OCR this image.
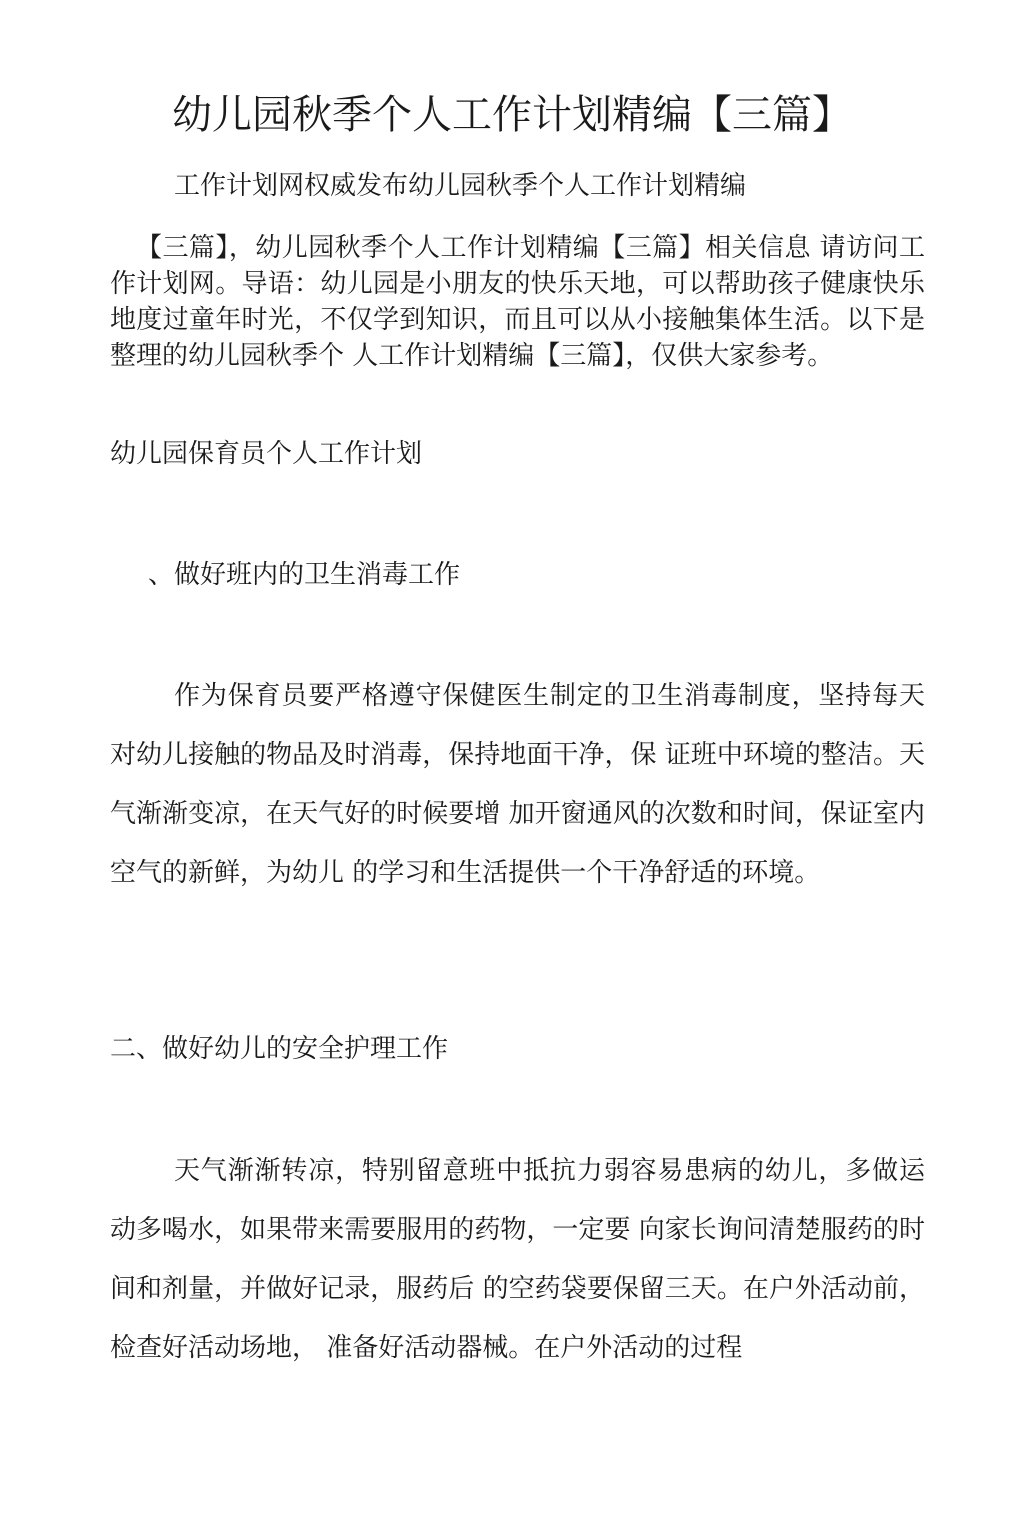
幼儿园秋季个人工作计划精编【三篇】

工作计划网权威发布幼儿园秋季个人工作计划精编

【三篇】，幼儿园秋季个人工作计划精编【三篇】相关信息 请访问工作计划网。导语：幼儿园是小朋友的快乐天地，可以帮助孩子健康快乐地度过童年时光，不仅学到知识，而且可以从小接触集体生活。以下是整理的幼儿园秋季个 人工作计划精编【三篇】，仅供大家参考。

幼儿园保育员个人工作计划

、做好班内的卫生消毒工作

作为保育员要严格遵守保健医生制定的卫生消毒制度，坚持每天对幼儿接触的物品及时消毒，保持地面干净，保 证班中环境的整洁。天气渐渐变凉，在天气好的时候要增 加开窗通风的次数和时间，保证室内空气的新鲜，为幼儿 的学习和生活提供一个干净舒适的环境。

二、做好幼儿的安全护理工作

天气渐渐转凉，特别留意班中抵抗力弱容易患病的幼儿，多做运动多喝水，如果带来需要服用的药物，一定要 向家长询问清楚服药的时间和剂量，并做好记录，服药后 的空药袋要保留三天。在户外活动前，检查好活动场地， 准备好活动器械。在户外活动的过程
